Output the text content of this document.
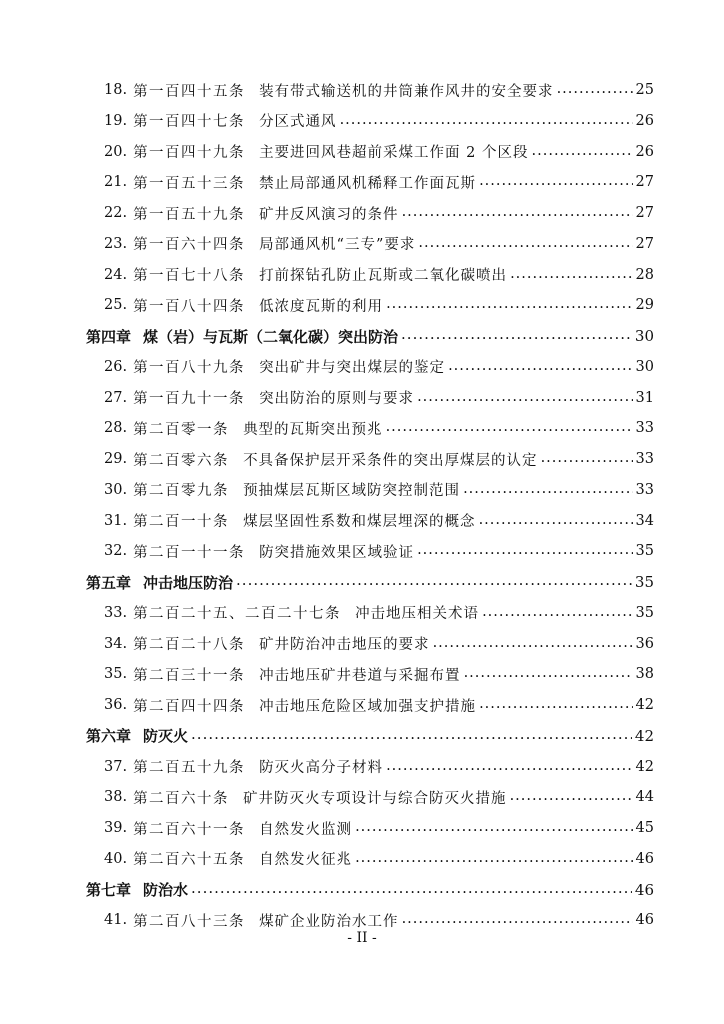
18. 第一百四十五条 装有带式输送机的井筒兼作风井的安全要求 .....	25
19. 第一百四十七条 分区式通风 .....	26
20. 第一百四十九条 主要进回风巷超前采煤工作面 2 个区段 .....	26
21. 第一百五十三条 禁止局部通风机稀释工作面瓦斯 .....	27
22. 第一百五十九条 矿井反风演习的条件 .....	27
23. 第一百六十四条 局部通风机“三专”要求 .....	27
24. 第一百七十八条 打前探钻孔防止瓦斯或二氧化碳喷出 .....	28
25. 第一百八十四条 低浓度瓦斯的利用 .....	29
第四章 煤（岩）与瓦斯（二氧化碳）突出防治 .....	30
26. 第一百八十九条 突出矿井与突出煤层的鉴定 .....	30
27. 第一百九十一条 突出防治的原则与要求 .....	31
28. 第二百零一条 典型的瓦斯突出预兆 .....	33
29. 第二百零六条 不具备保护层开采条件的突出厚煤层的认定 .....	33
30. 第二百零九条 预抽煤层瓦斯区域防突控制范围 .....	33
31. 第二百一十条 煤层坚固性系数和煤层埋深的概念 .....	34
32. 第二百一十一条 防突措施效果区域验证 .....	35
第五章 冲击地压防治 .....	35
33. 第二百二十五、二百二十七条 冲击地压相关术语 .....	35
34. 第二百二十八条 矿井防治冲击地压的要求 .....	36
35. 第二百三十一条 冲击地压矿井巷道与采掘布置 .....	38
36. 第二百四十四条 冲击地压危险区域加强支护措施 .....	42
第六章 防灭火 .....	42
37. 第二百五十九条 防灭火高分子材料 .....	42
38. 第二百六十条 矿井防灭火专项设计与综合防灭火措施 .....	44
39. 第二百六十一条 自然发火监测 .....	45
40. 第二百六十五条 自然发火征兆 .....	46
第七章 防治水 .....	46
41. 第二百八十三条 煤矿企业防治水工作 .....	46
- II -
